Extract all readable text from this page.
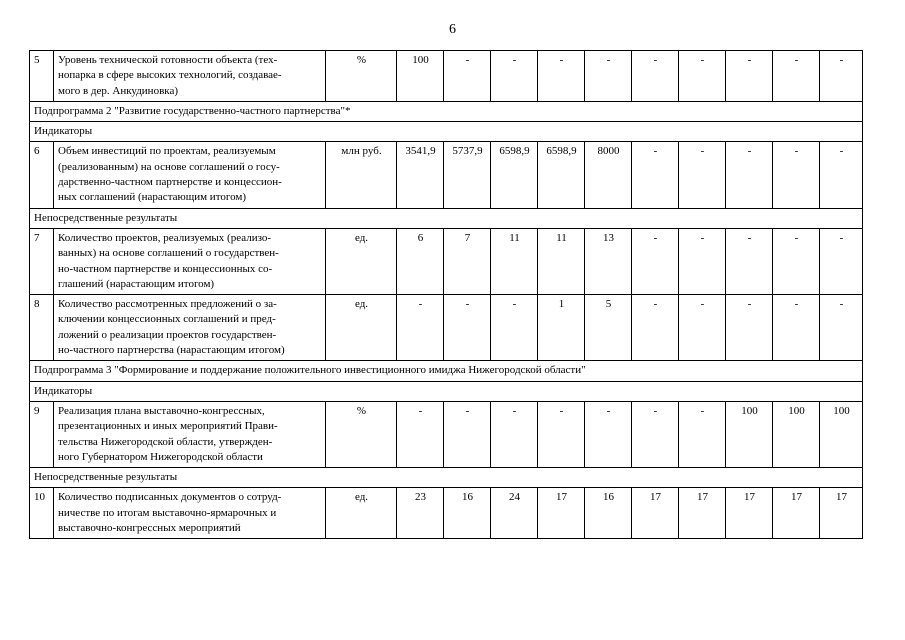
6
5	Уровень технической готовности объекта (тех-
нопарка в сфере высоких технологий, создавае-
мого в дер. Анкудиновка)	%	100	-	-	-	-	-	-	-	-	-
Подпрограмма 2 "Развитие государственно-частного партнерства"*												
Индикаторы												
6	Объем инвестиций по проектам, реализуемым
(реализованным) на основе соглашений о госу-
дарственно-частном партнерстве и концессион-
ных соглашений (нарастающим итогом)	млн руб.	3541,9	5737,9	6598,9	6598,9	8000	-	-	-	-	-
Непосредственные результаты												
7	Количество проектов, реализуемых (реализо-
ванных) на основе соглашений о государствен-
но-частном партнерстве и концессионных со-
глашений (нарастающим итогом)	ед.	6	7	11	11	13	-	-	-	-	-
8	Количество рассмотренных предложений о за-
ключении концессионных соглашений и пред-
ложений о реализации проектов государствен-
но-частного партнерства (нарастающим итогом)	ед.	-	-	-	1	5	-	-	-	-	-
Подпрограмма 3 "Формирование и поддержание положительного инвестиционного имиджа Нижегородской области"												
Индикаторы												
9	Реализация плана выставочно-конгрессных,
презентационных и иных мероприятий Прави-
тельства Нижегородской области, утвержден-
ного Губернатором Нижегородской области	%	-	-	-	-	-	-	-	100	100	100
Непосредственные результаты												
10	Количество подписанных документов о сотруд-
ничестве по итогам выставочно-ярмарочных и
выставочно-конгрессных мероприятий	ед.	23	16	24	17	16	17	17	17	17	17
